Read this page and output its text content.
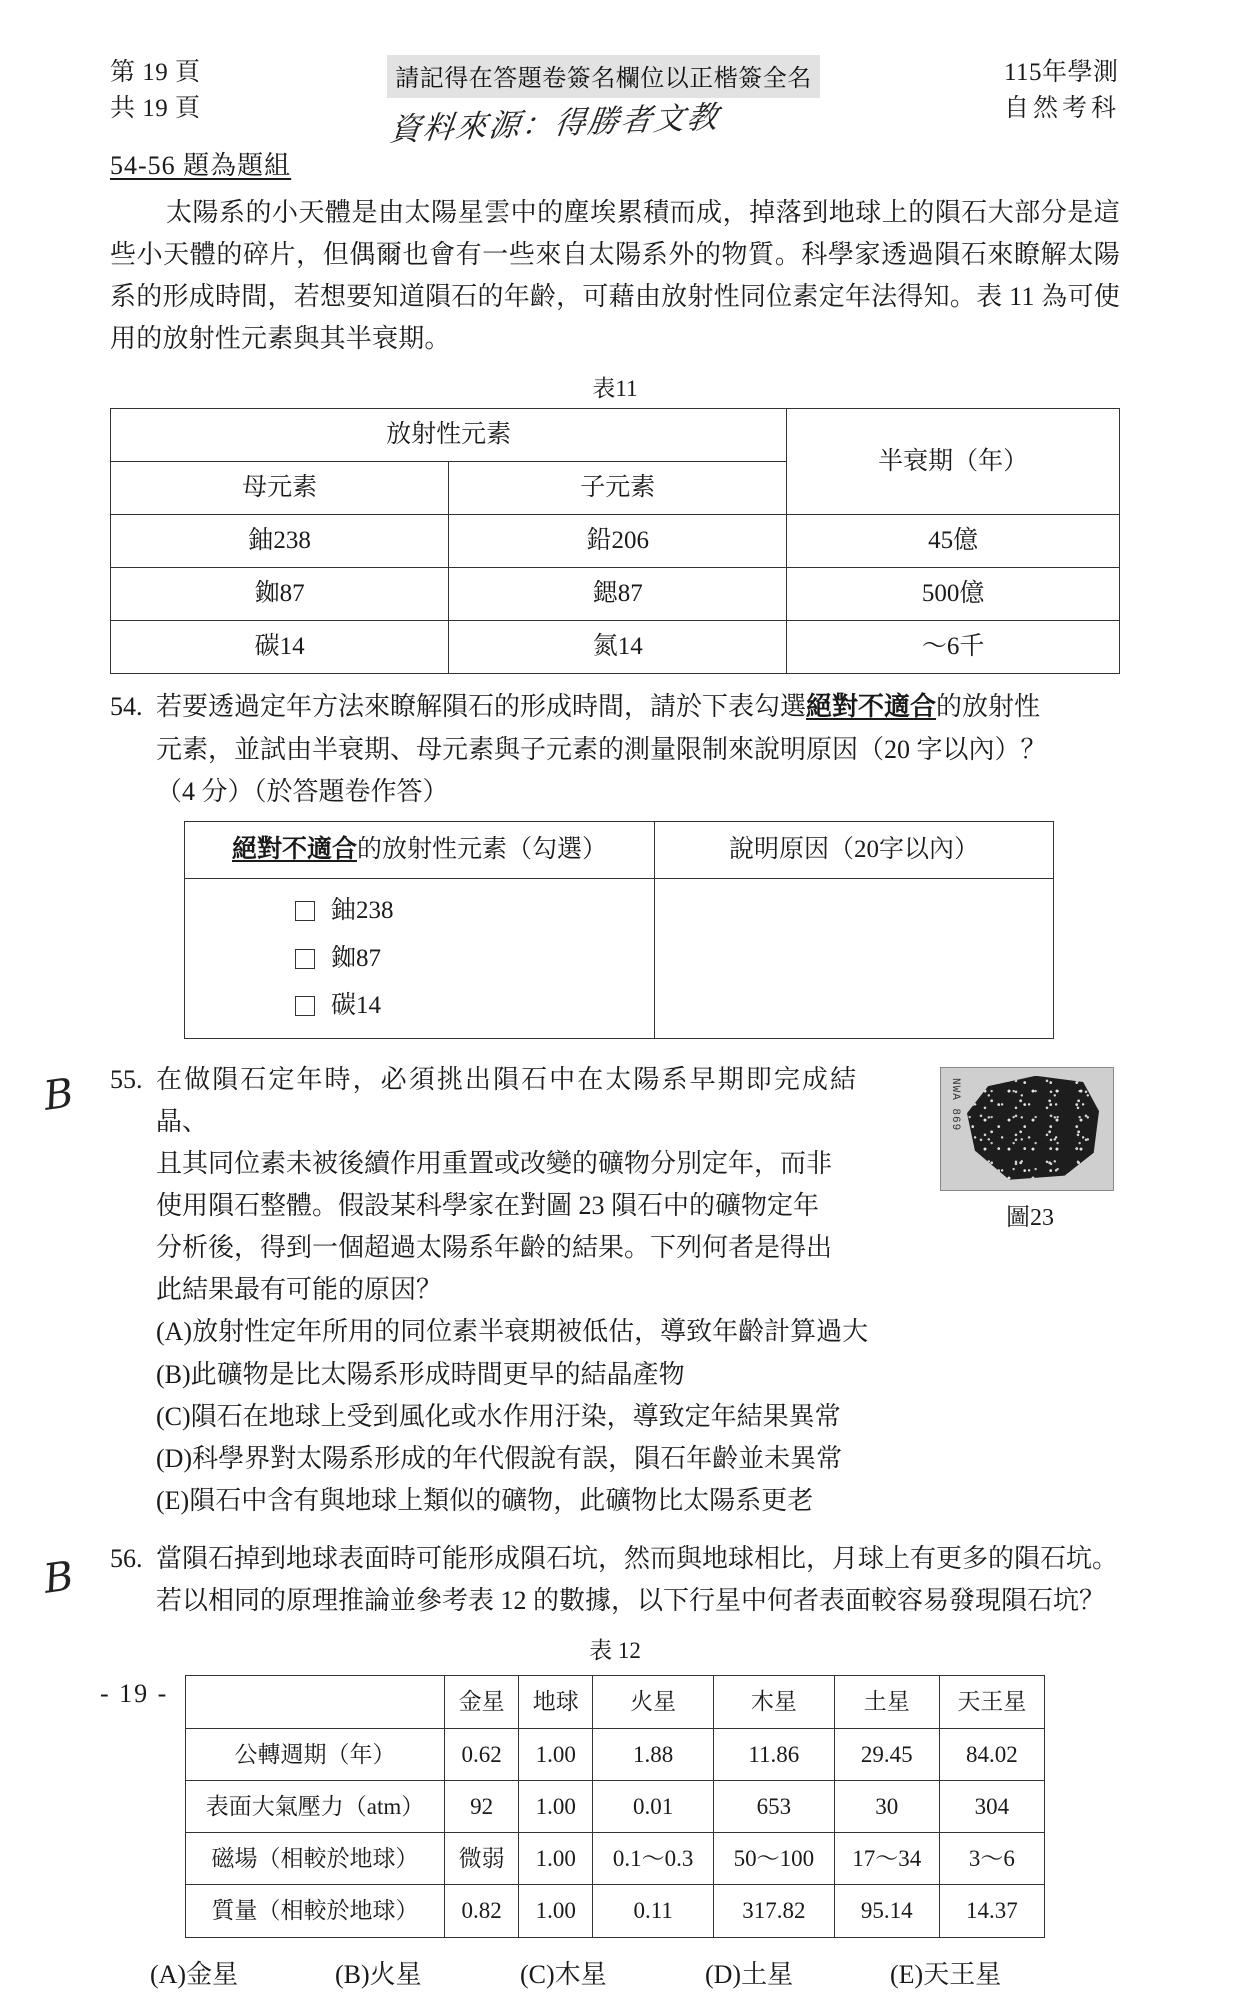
第 19 頁
共 19 頁
請記得在答題卷簽名欄位以正楷簽全名
資料來源：得勝者文教
115年學測
自然考科
54-56 題為題組

太陽系的小天體是由太陽星雲中的塵埃累積而成，掉落到地球上的隕石大部分是這些小天體的碎片，但偶爾也會有一些來自太陽系外的物質。科學家透過隕石來瞭解太陽系的形成時間，若想要知道隕石的年齡，可藉由放射性同位素定年法得知。表 11 為可使用的放射性元素與其半衰期。

表11
放射性元素		半衰期（年）
母元素	子元素	
鈾238	鉛206	45億
銣87	鍶87	500億
碳14	氮14	～6千
54. 若要透過定年方法來瞭解隕石的形成時間，請於下表勾選絕對不適合的放射性

元素，並試由半衰期、母元素與子元素的測量限制來說明原因（20 字以內）？

（4 分）（於答題卷作答）

絕對不適合的放射性元素（勾選）	說明原因（20字以內）

鈾238
銣87
碳14	

B 55.	NWA 869
圖23

在做隕石定年時，必須挑出隕石中在太陽系早期即完成結晶、

且其同位素未被後續作用重置或改變的礦物分別定年，而非

使用隕石整體。假設某科學家在對圖 23 隕石中的礦物定年

分析後，得到一個超過太陽系年齡的結果。下列何者是得出

此結果最有可能的原因？

(A)放射性定年所用的同位素半衰期被低估，導致年齡計算過大

(B)此礦物是比太陽系形成時間更早的結晶產物

(C)隕石在地球上受到風化或水作用汙染，導致定年結果異常

(D)科學界對太陽系形成的年代假說有誤，隕石年齡並未異常

(E)隕石中含有與地球上類似的礦物，此礦物比太陽系更老

B 56. 當隕石掉到地球表面時可能形成隕石坑，然而與地球相比，月球上有更多的隕石坑。

若以相同的原理推論並參考表 12 的數據，以下行星中何者表面較容易發現隕石坑？

表 12
	金星	地球	火星	木星	土星	天王星
公轉週期（年）	0.62	1.00	1.88	11.86	29.45	84.02
表面大氣壓力（atm）	92	1.00	0.01	653	30	304
磁場（相較於地球）	微弱	1.00	0.1～0.3	50～100	17～34	3～6
質量（相較於地球）	0.82	1.00	0.11	317.82	95.14	14.37
(A)金星	(B)火星	(C)木星	(D)土星	(E)天王星
- 19 -
